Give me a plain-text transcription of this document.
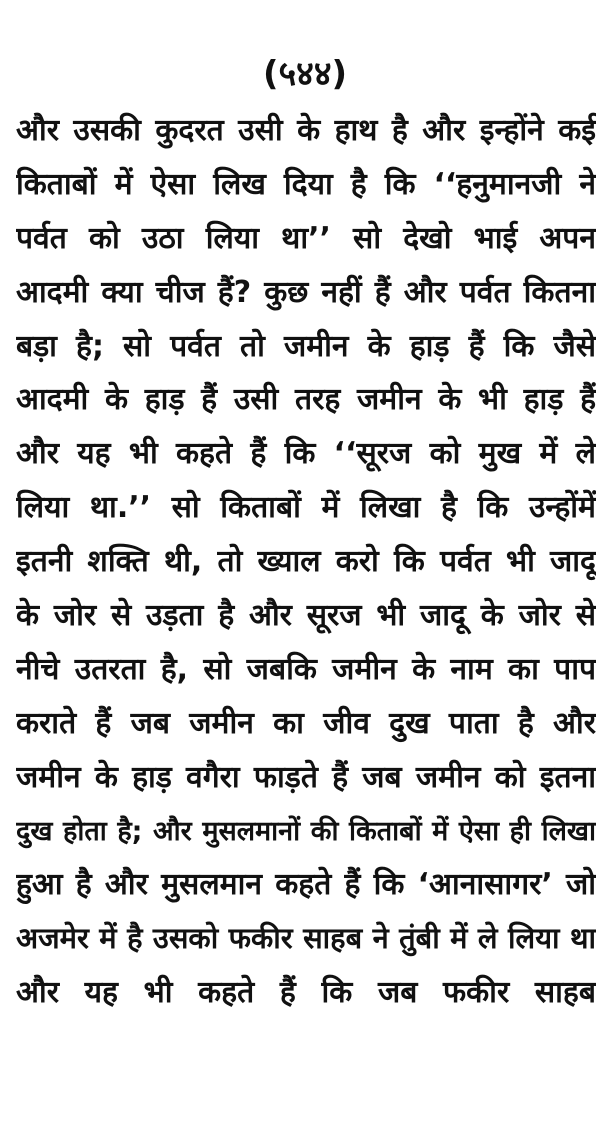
(५४४)
और उसकी कुदरत उसी के हाथ है और इन्होंने कई
किताबों में ऐसा लिख दिया है कि ‘‘हनुमानजी ने
पर्वत को उठा लिया था’’ सो देखो भाई अपन
आदमी क्या चीज हैं? कुछ नहीं हैं और पर्वत कितना
बड़ा है; सो पर्वत तो जमीन के हाड़ हैं कि जैसे
आदमी के हाड़ हैं उसी तरह जमीन के भी हाड़ हैं
और यह भी कहते हैं कि ‘‘सूरज को मुख में ले
लिया था.’’ सो किताबों में लिखा है कि उन्होंमें
इतनी शक्ति थी, तो ख्याल करो कि पर्वत भी जादू
के जोर से उड़ता है और सूरज भी जादू के जोर से
नीचे उतरता है, सो जबकि जमीन के नाम का पाप
कराते हैं जब जमीन का जीव दुख पाता है और
जमीन के हाड़ वगैरा फाड़ते हैं जब जमीन को इतना
दुख होता है; और मुसलमानों की किताबों में ऐसा ही लिखा
हुआ है और मुसलमान कहते हैं कि ‘आनासागर’ जो
अजमेर में है उसको फकीर साहब ने तुंबी में ले लिया था
और यह भी कहते हैं कि जब फकीर साहब
